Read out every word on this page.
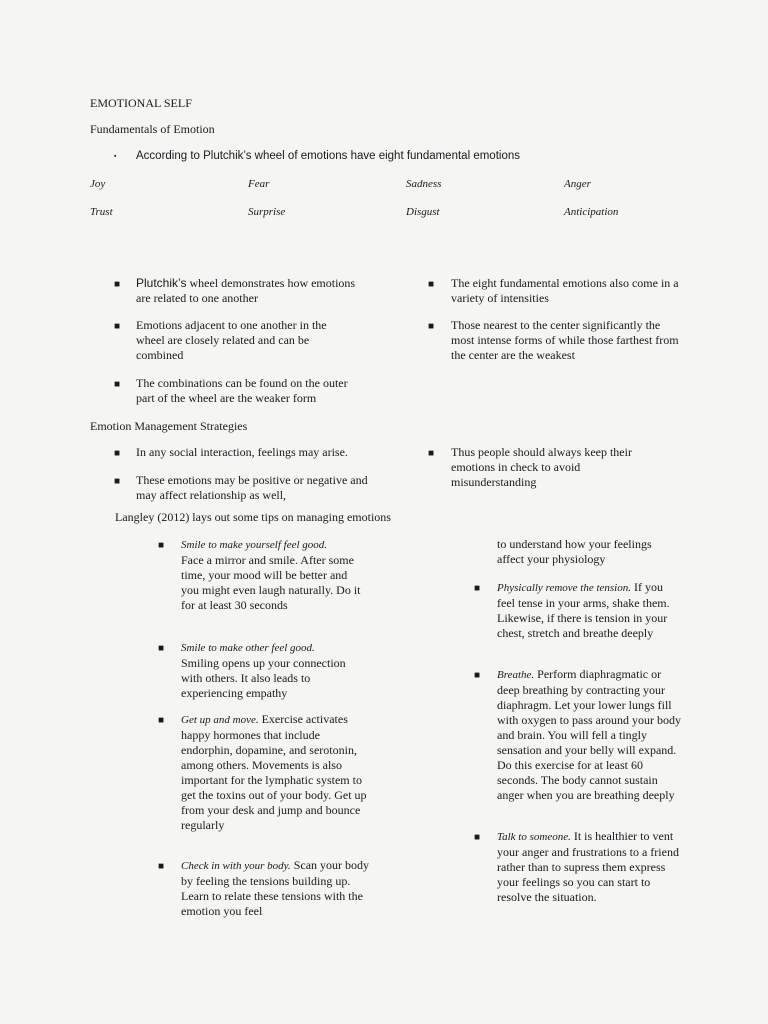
EMOTIONAL SELF
Fundamentals of Emotion
▪ According to Plutchik’s wheel of emotions have eight fundamental emotions
Joy	Fear	Sadness	Anger
Trust	Surprise	Disgust	Anticipation
■ Plutchik’s wheel demonstrates how emotions are related to one another
■ Emotions adjacent to one another in the wheel are closely related and can be combined
■ The combinations can be found on the outer part of the wheel are the weaker form
■ The eight fundamental emotions also come in a variety of intensities
■ Those nearest to the center significantly the most intense forms of while those farthest from the center are the weakest
Emotion Management Strategies
■ In any social interaction, feelings may arise.
■ These emotions may be positive or negative and may affect relationship as well,
■ Thus people should always keep their emotions in check to avoid misunderstanding
Langley (2012) lays out some tips on managing emotions
■ Smile to make yourself feel good.
Face a mirror and smile. After some time, your mood will be better and you might even laugh naturally. Do it for at least 30 seconds
■ Smile to make other feel good.
Smiling opens up your connection with others. It also leads to experiencing empathy
■ Get up and move. Exercise activates happy hormones that include endorphin, dopamine, and serotonin, among others. Movements is also important for the lymphatic system to get the toxins out of your body. Get up from your desk and jump and bounce regularly
■ Check in with your body. Scan your body by feeling the tensions building up. Learn to relate these tensions with the emotion you feel
to understand how your feelings affect your physiology
■ Physically remove the tension. If you feel tense in your arms, shake them. Likewise, if there is tension in your chest, stretch and breathe deeply
■ Breathe. Perform diaphragmatic or deep breathing by contracting your diaphragm. Let your lower lungs fill with oxygen to pass around your body and brain. You will fell a tingly sensation and your belly will expand. Do this exercise for at least 60 seconds. The body cannot sustain anger when you are breathing deeply
■ Talk to someone. It is healthier to vent your anger and frustrations to a friend rather than to supress them express your feelings so you can start to resolve the situation.
